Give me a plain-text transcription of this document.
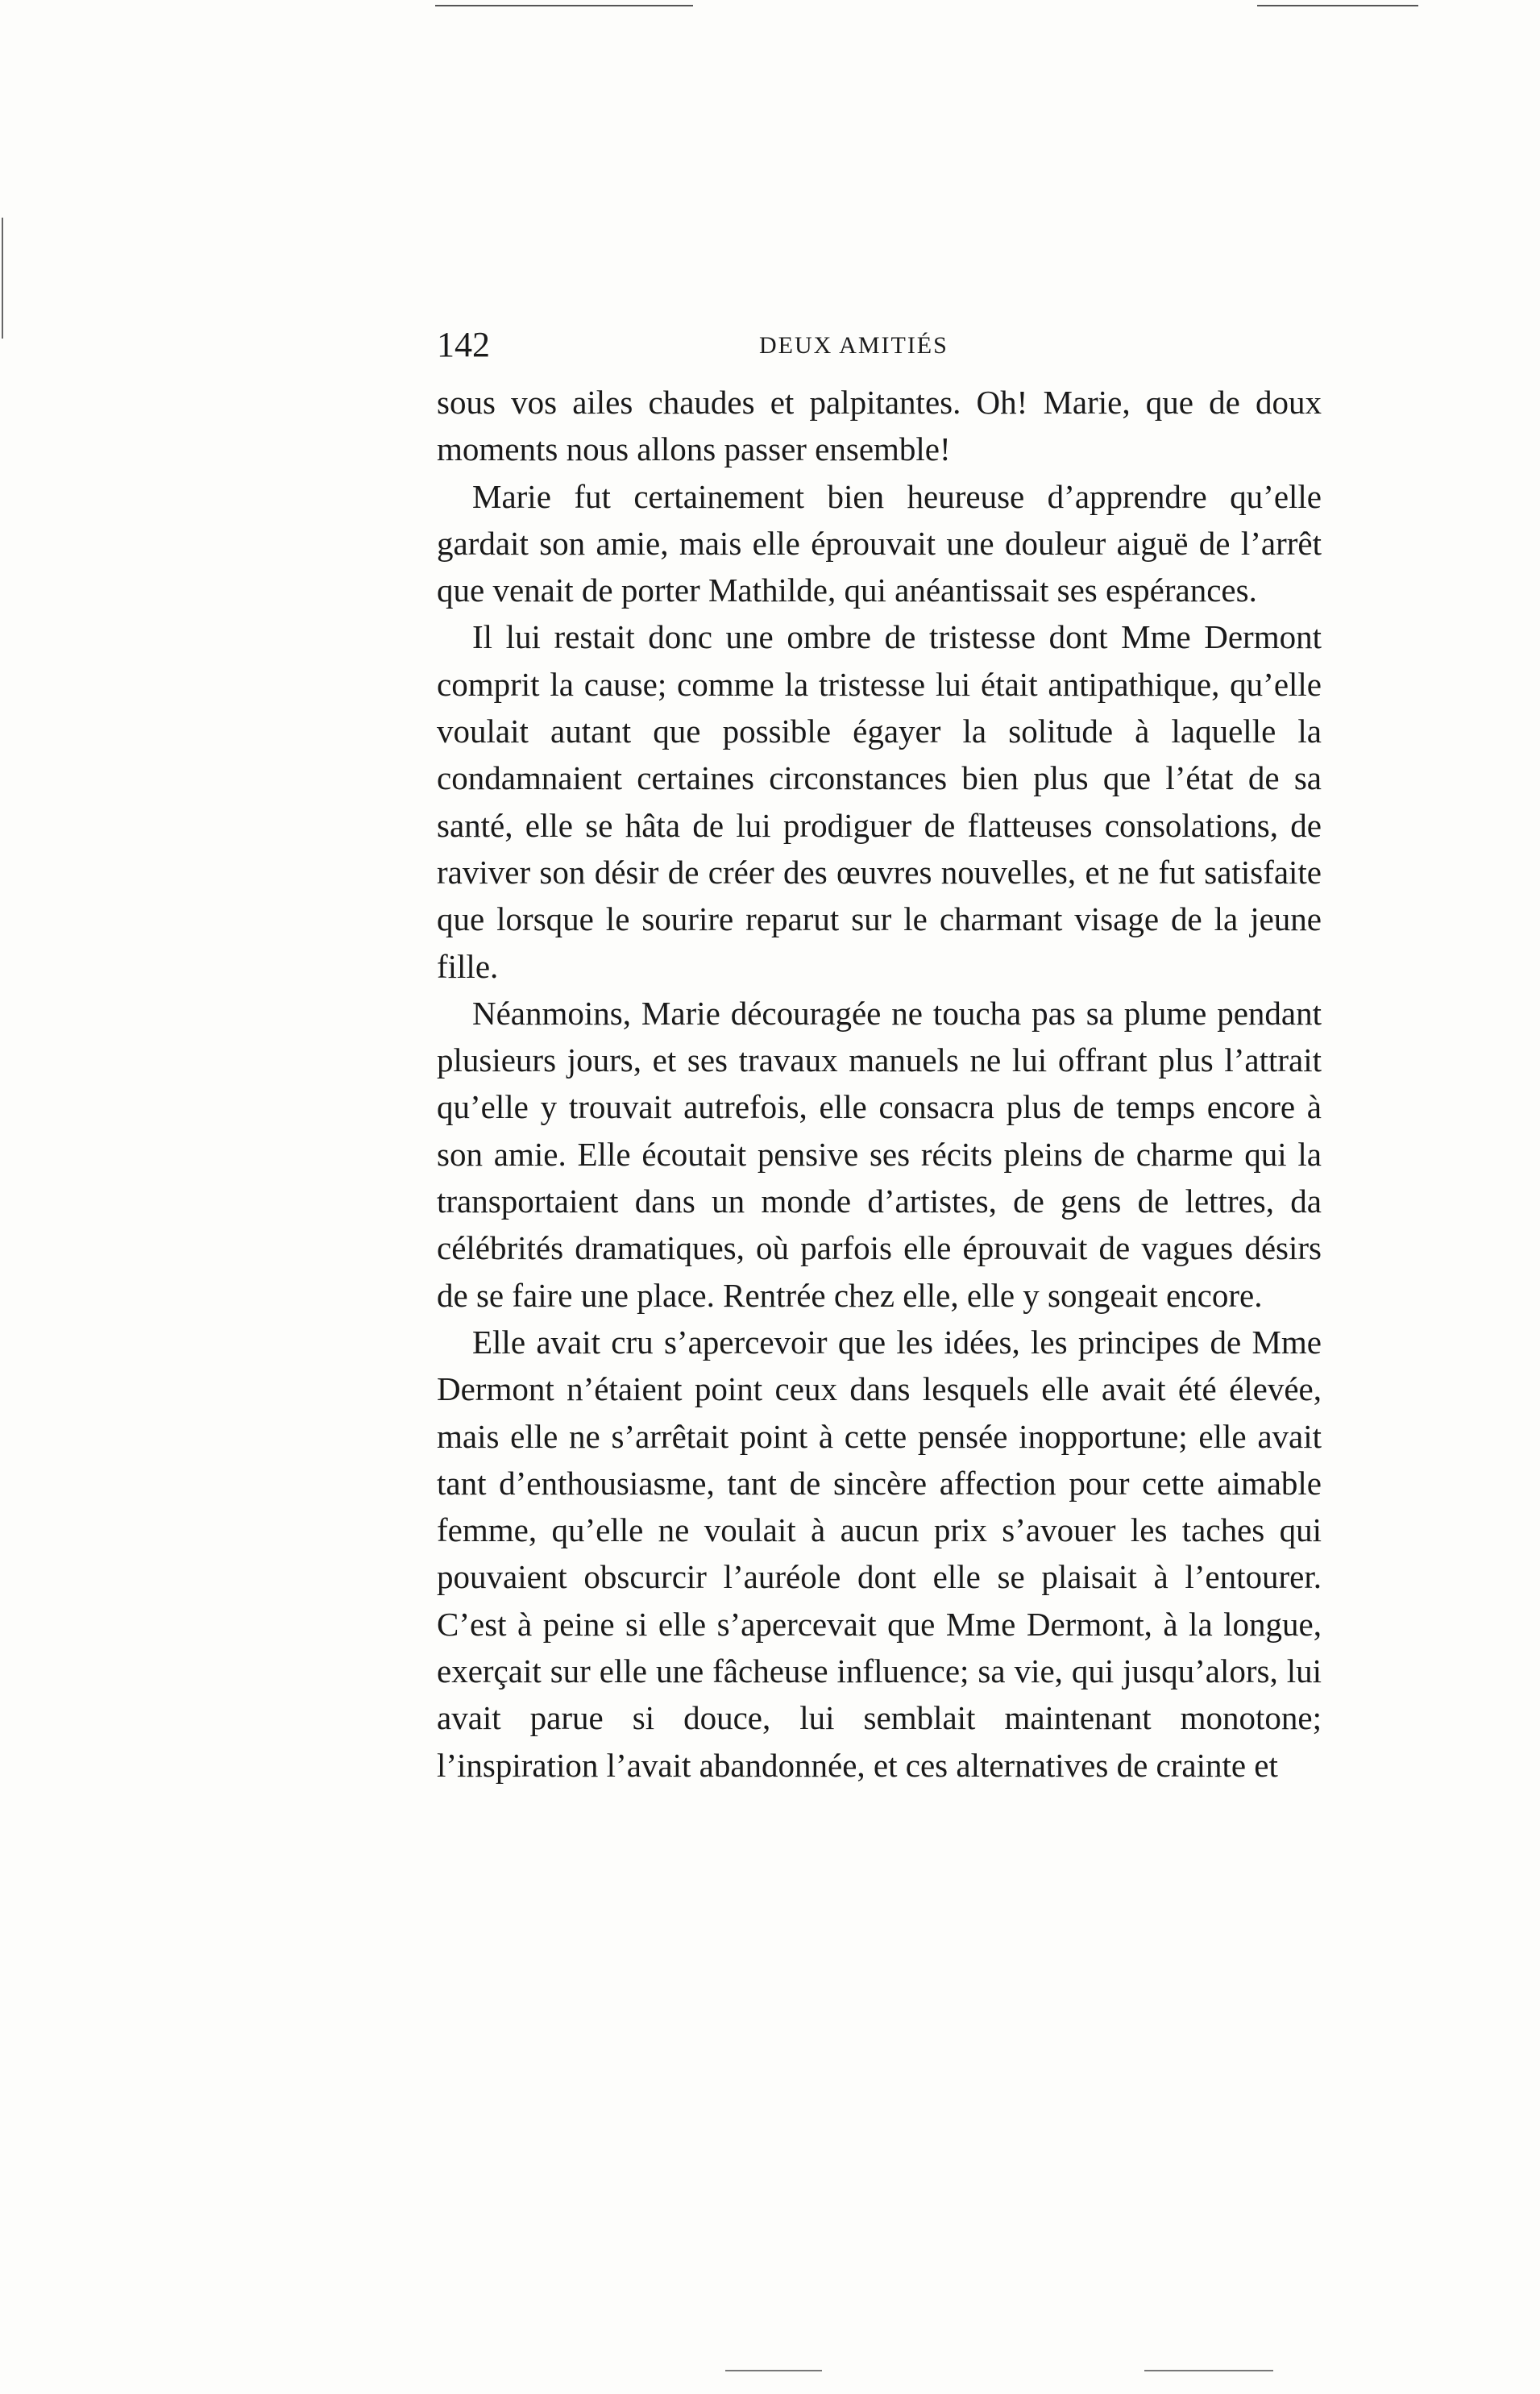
142	DEUX AMITIÉS

sous vos ailes chaudes et palpitantes. Oh! Marie, que de doux moments nous allons passer ensemble!

Marie fut certainement bien heureuse d’apprendre qu’elle gardait son amie, mais elle éprouvait une douleur aiguë de l’arrêt que venait de porter Mathilde, qui anéantissait ses espérances.

Il lui restait donc une ombre de tristesse dont Mme Dermont comprit la cause; comme la tristesse lui était antipathique, qu’elle voulait autant que possible égayer la solitude à laquelle la condamnaient certaines circonstances bien plus que l’état de sa santé, elle se hâta de lui prodiguer de flatteuses consolations, de raviver son désir de créer des œuvres nouvelles, et ne fut satisfaite que lorsque le sourire reparut sur le charmant visage de la jeune fille.

Néanmoins, Marie découragée ne toucha pas sa plume pendant plusieurs jours, et ses travaux manuels ne lui offrant plus l’attrait qu’elle y trouvait autrefois, elle consacra plus de temps encore à son amie. Elle écoutait pensive ses récits pleins de charme qui la transportaient dans un monde d’artistes, de gens de lettres, da célébrités dramatiques, où parfois elle éprouvait de vagues désirs de se faire une place. Rentrée chez elle, elle y songeait encore.

Elle avait cru s’apercevoir que les idées, les principes de Mme Dermont n’étaient point ceux dans lesquels elle avait été élevée, mais elle ne s’arrêtait point à cette pensée inopportune; elle avait tant d’enthousiasme, tant de sincère affection pour cette aimable femme, qu’elle ne voulait à aucun prix s’avouer les taches qui pouvaient obscurcir l’auréole dont elle se plaisait à l’entourer. C’est à peine si elle s’apercevait que Mme Dermont, à la longue, exerçait sur elle une fâcheuse influence; sa vie, qui jusqu’alors, lui avait parue si douce, lui semblait maintenant monotone; l’inspiration l’avait abandonnée, et ces alternatives de crainte et
